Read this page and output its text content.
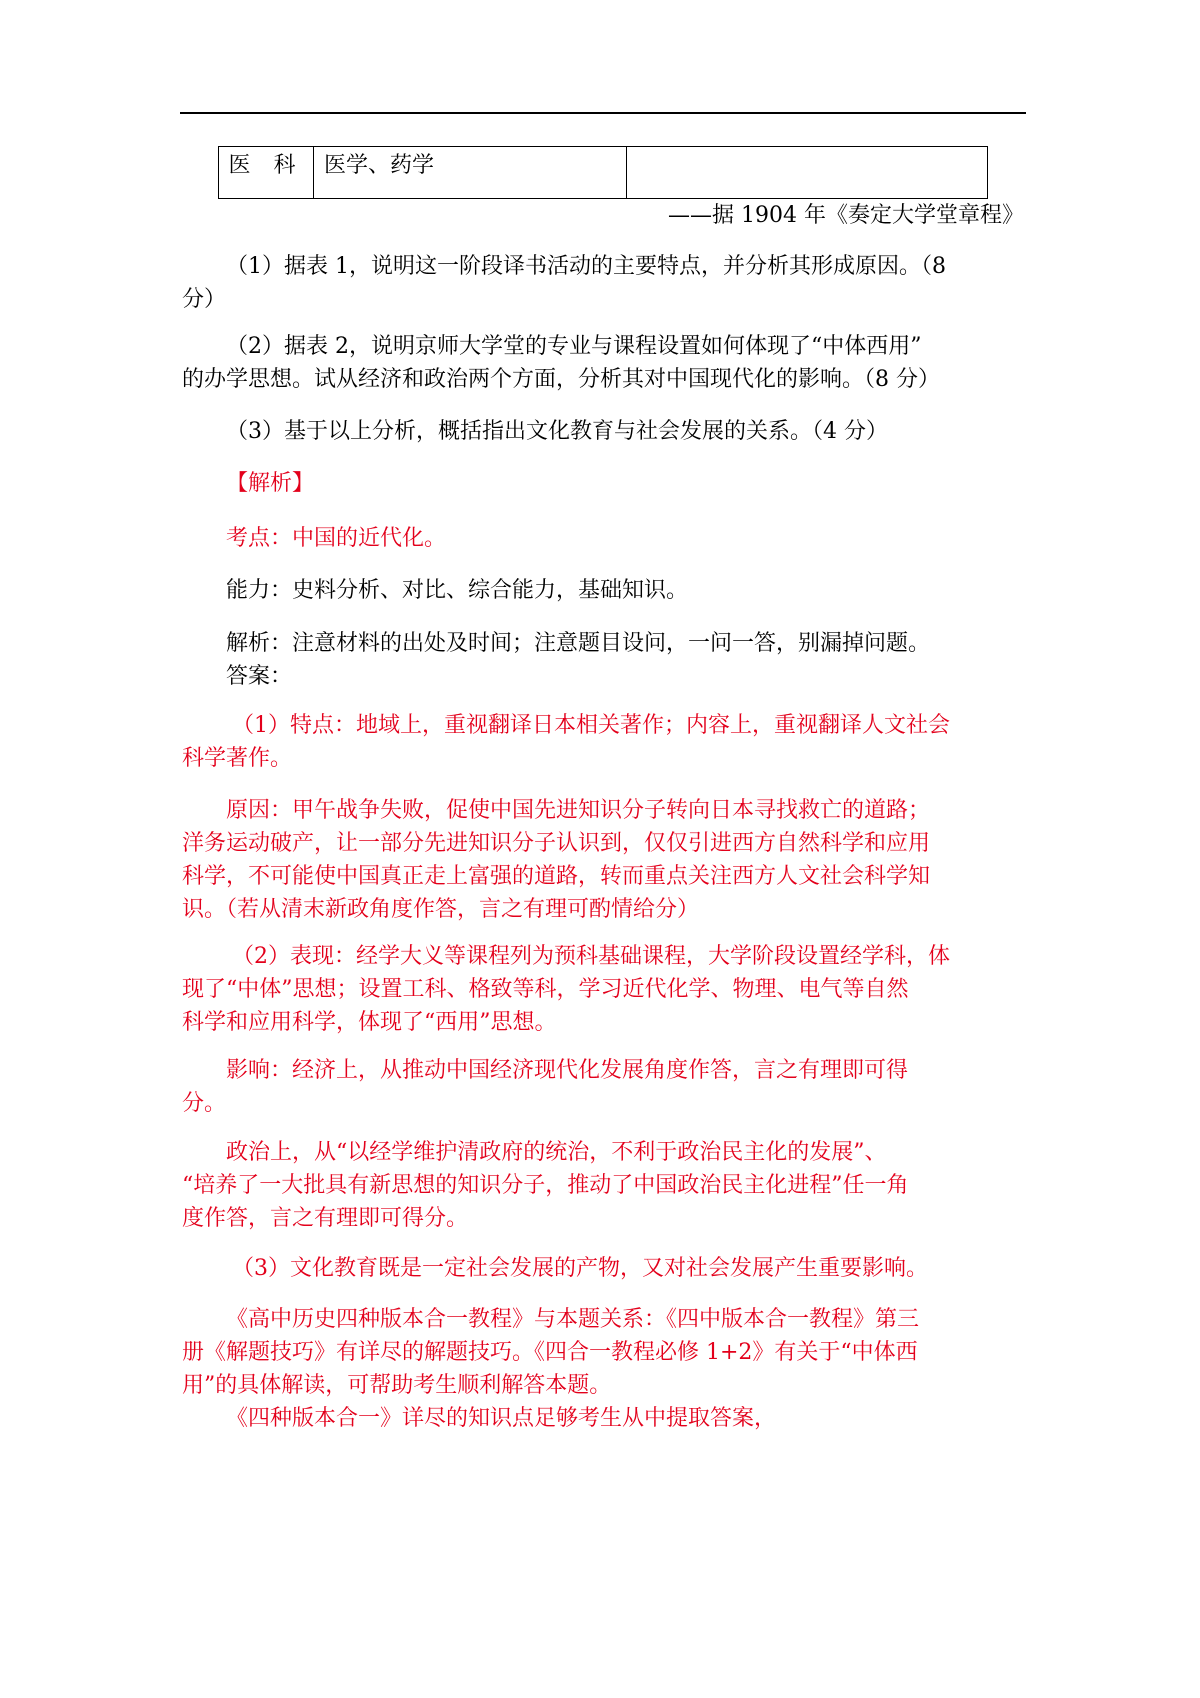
医 科 医学、药学
——据 1904 年《奏定大学堂章程》
（1）据表 1，说明这一阶段译书活动的主要特点，并分析其形成原因。（8
分）
（2）据表 2，说明京师大学堂的专业与课程设置如何体现了“中体西用”
的办学思想。试从经济和政治两个方面，分析其对中国现代化的影响。（8 分）
（3）基于以上分析，概括指出文化教育与社会发展的关系。（4 分）
【解析】
考点：中国的近代化。
能力：史料分析、对比、综合能力，基础知识。
解析：注意材料的出处及时间；注意题目设问，一问一答，别漏掉问题。
答案：
（1）特点：地域上，重视翻译日本相关著作；内容上，重视翻译人文社会
科学著作。
原因：甲午战争失败，促使中国先进知识分子转向日本寻找救亡的道路；
洋务运动破产，让一部分先进知识分子认识到，仅仅引进西方自然科学和应用
科学，不可能使中国真正走上富强的道路，转而重点关注西方人文社会科学知
识。（若从清末新政角度作答，言之有理可酌情给分）
（2）表现：经学大义等课程列为预科基础课程，大学阶段设置经学科，体
现了“中体”思想；设置工科、格致等科，学习近代化学、物理、电气等自然
科学和应用科学，体现了“西用”思想。
影响：经济上，从推动中国经济现代化发展角度作答，言之有理即可得
分。
政治上，从“以经学维护清政府的统治，不利于政治民主化的发展”、
“培养了一大批具有新思想的知识分子，推动了中国政治民主化进程”任一角
度作答，言之有理即可得分。
（3）文化教育既是一定社会发展的产物，又对社会发展产生重要影响。
《高中历史四种版本合一教程》与本题关系：《四中版本合一教程》第三
册《解题技巧》有详尽的解题技巧。《四合一教程必修 1+2》有关于“中体西
用”的具体解读，可帮助考生顺利解答本题。
《四种版本合一》详尽的知识点足够考生从中提取答案，
